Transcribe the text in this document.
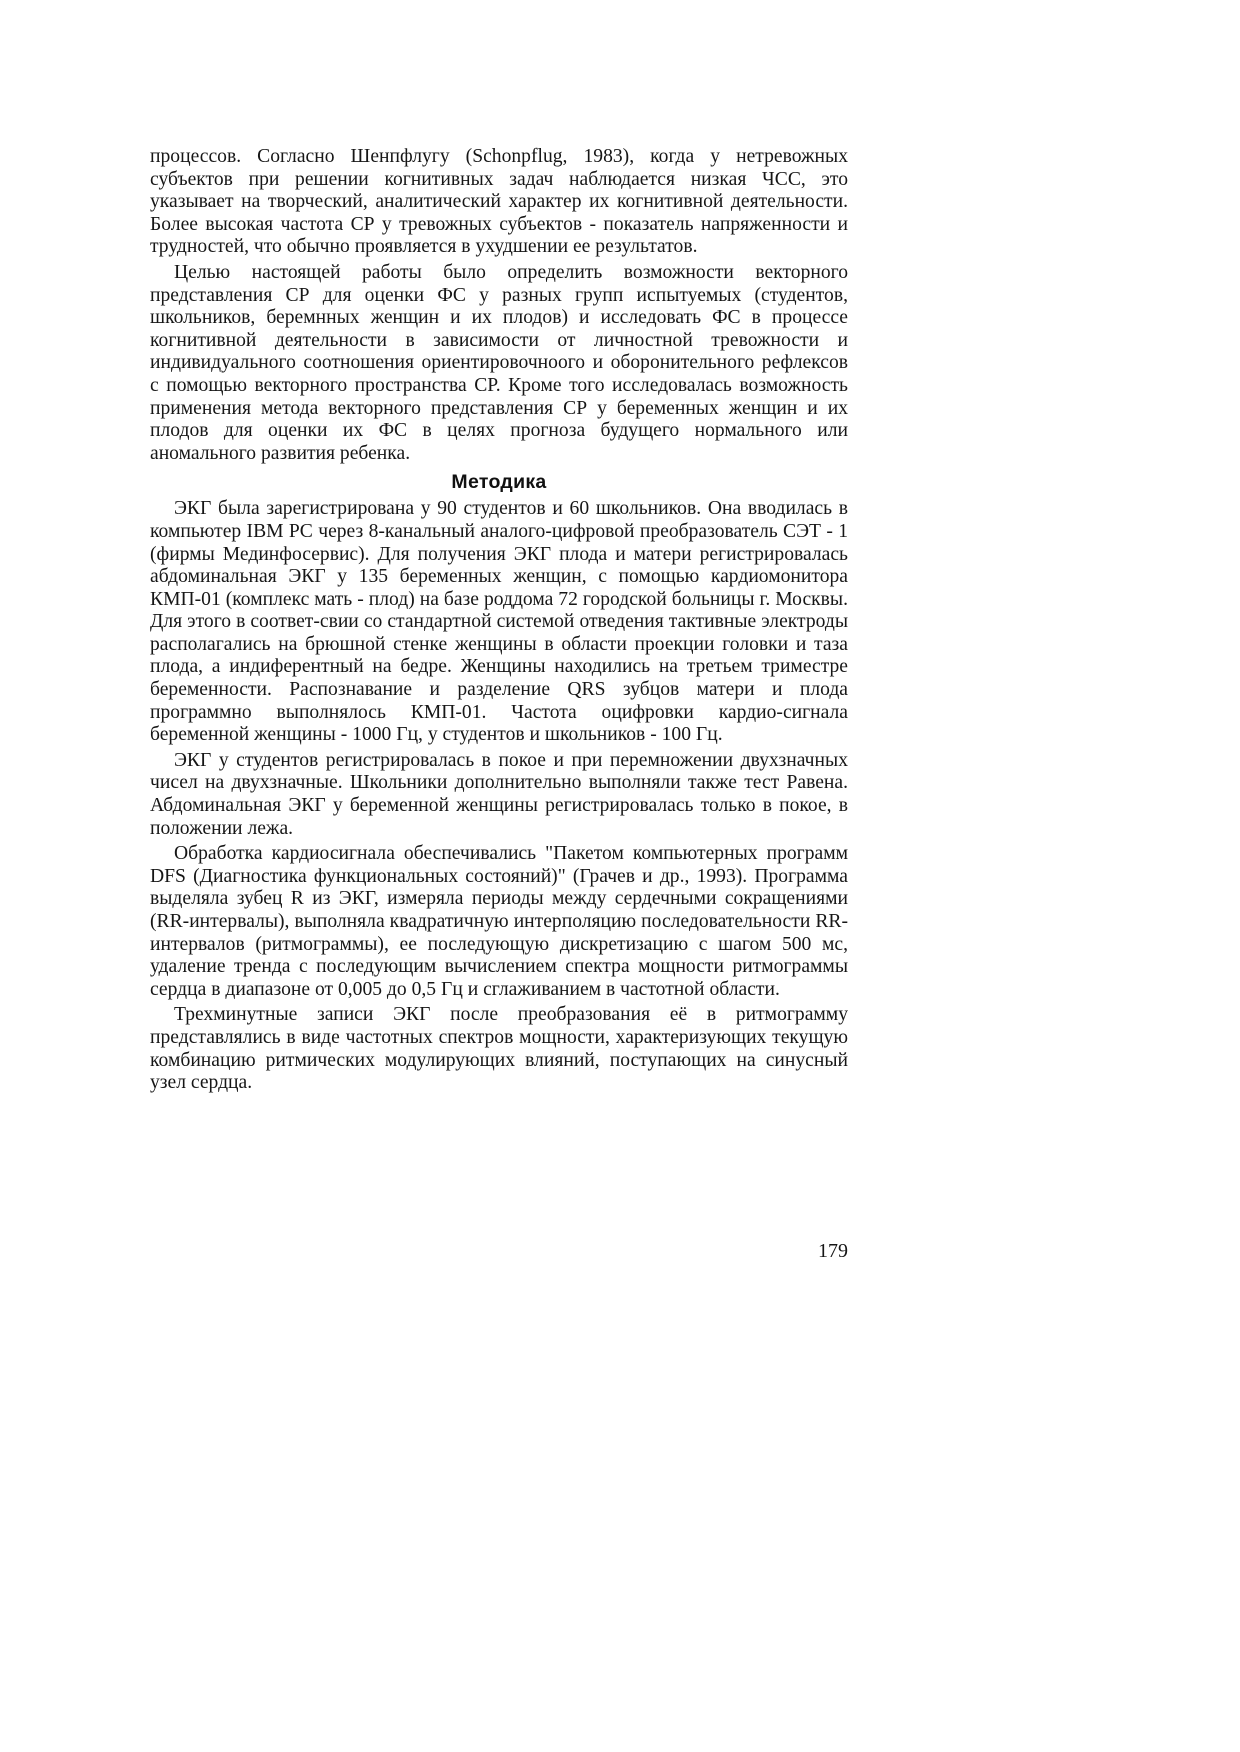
процессов. Согласно Шенпфлугу (Schonpflug, 1983), когда у нетревожных субъектов при решении когнитивных задач наблюдается низкая ЧСС, это указывает на творческий, аналитический характер их когнитивной деятельности. Более высокая частота СР у тревожных субъектов - показатель напряженности и трудностей, что обычно проявляется в ухудшении ее результатов.

Целью настоящей работы было определить возможности векторного представления СР для оценки ФС у разных групп испытуемых (студентов, школьников, беремнных женщин и их плодов) и исследовать ФС в процессе когнитивной деятельности в зависимости от личностной тревожности и индивидуального соотношения ориентировочноого и оборонительного рефлексов с помощью векторного пространства СР. Кроме того исследовалась возможность применения метода векторного представления СР у беременных женщин и их плодов для оценки их ФС в целях прогноза будущего нормального или аномального развития ребенка.

Методика

ЭКГ была зарегистрирована у 90 студентов и 60 школьников. Она вводилась в компьютер IBM PC через 8-канальный аналого-цифровой преобразователь СЭТ - 1 (фирмы Мединфосервис). Для получения ЭКГ плода и матери регистрировалась абдоминальная ЭКГ у 135 беременных женщин, с помощью кардиомонитора КМП-01 (комплекс мать - плод) на базе роддома 72 городской больницы г. Москвы. Для этого в соответ-свии со стандартной системой отведения тактивные электроды располагались на брюшной стенке женщины в области проекции головки и таза плода, а индиферентный на бедре. Женщины находились на третьем триместре беременности. Распознавание и разделение QRS зубцов матери и плода программно выполнялось КМП-01. Частота оцифровки кардио-сигнала беременной женщины - 1000 Гц, у студентов и школьников - 100 Гц.

ЭКГ у студентов регистрировалась в покое и при перемножении двухзначных чисел на двухзначные. Школьники дополнительно выполняли также тест Равена. Абдоминальная ЭКГ у беременной женщины регистрировалась только в покое, в положении лежа.

Обработка кардиосигнала обеспечивались "Пакетом компьютерных программ DFS (Диагностика функциональных состояний)" (Грачев и др., 1993). Программа выделяла зубец R из ЭКГ, измеряла периоды между сердечными сокращениями (RR-интервалы), выполняла квадратичную интерполяцию последовательности RR-интервалов (ритмограммы), ее последующую дискретизацию с шагом 500 мс, удаление тренда с последующим вычислением спектра мощности ритмограммы сердца в диапазоне от 0,005 до 0,5 Гц и сглаживанием в частотной области.

Трехминутные записи ЭКГ после преобразования её в ритмограмму представлялись в виде частотных спектров мощности, характеризующих текущую комбинацию ритмических модулирующих влияний, поступающих на синусный узел сердца.

179
